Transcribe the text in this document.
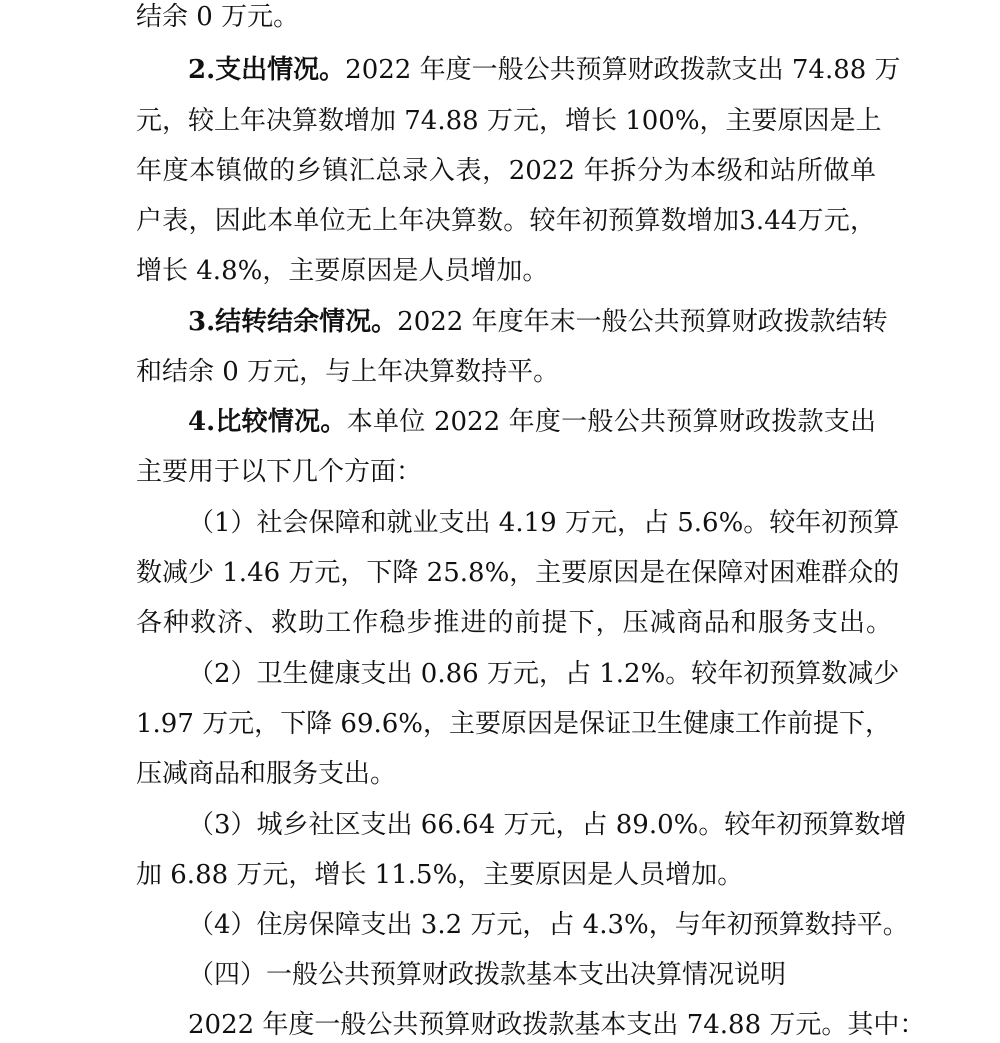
结余 0 万元。
2.支出情况。2022 年度一般公共预算财政拨款支出 74.88 万
元，较上年决算数增加 74.88 万元，增长 100%，主要原因是上
年度本镇做的乡镇汇总录入表，2022 年拆分为本级和站所做单
户表，因此本单位无上年决算数。较年初预算数增加3.44万元，
增长 4.8%，主要原因是人员增加。
3.结转结余情况。2022 年度年末一般公共预算财政拨款结转
和结余 0 万元，与上年决算数持平。
4.比较情况。本单位 2022 年度一般公共预算财政拨款支出
主要用于以下几个方面：
（1）社会保障和就业支出 4.19 万元，占 5.6%。较年初预算
数减少 1.46 万元，下降 25.8%，主要原因是在保障对困难群众的
各种救济、救助工作稳步推进的前提下，压减商品和服务支出。
（2）卫生健康支出 0.86 万元，占 1.2%。较年初预算数减少
1.97 万元，下降 69.6%，主要原因是保证卫生健康工作前提下，
压减商品和服务支出。
（3）城乡社区支出 66.64 万元，占 89.0%。较年初预算数增
加 6.88 万元，增长 11.5%，主要原因是人员增加。
（4）住房保障支出 3.2 万元，占 4.3%，与年初预算数持平。
（四）一般公共预算财政拨款基本支出决算情况说明
2022 年度一般公共预算财政拨款基本支出 74.88 万元。其中：
